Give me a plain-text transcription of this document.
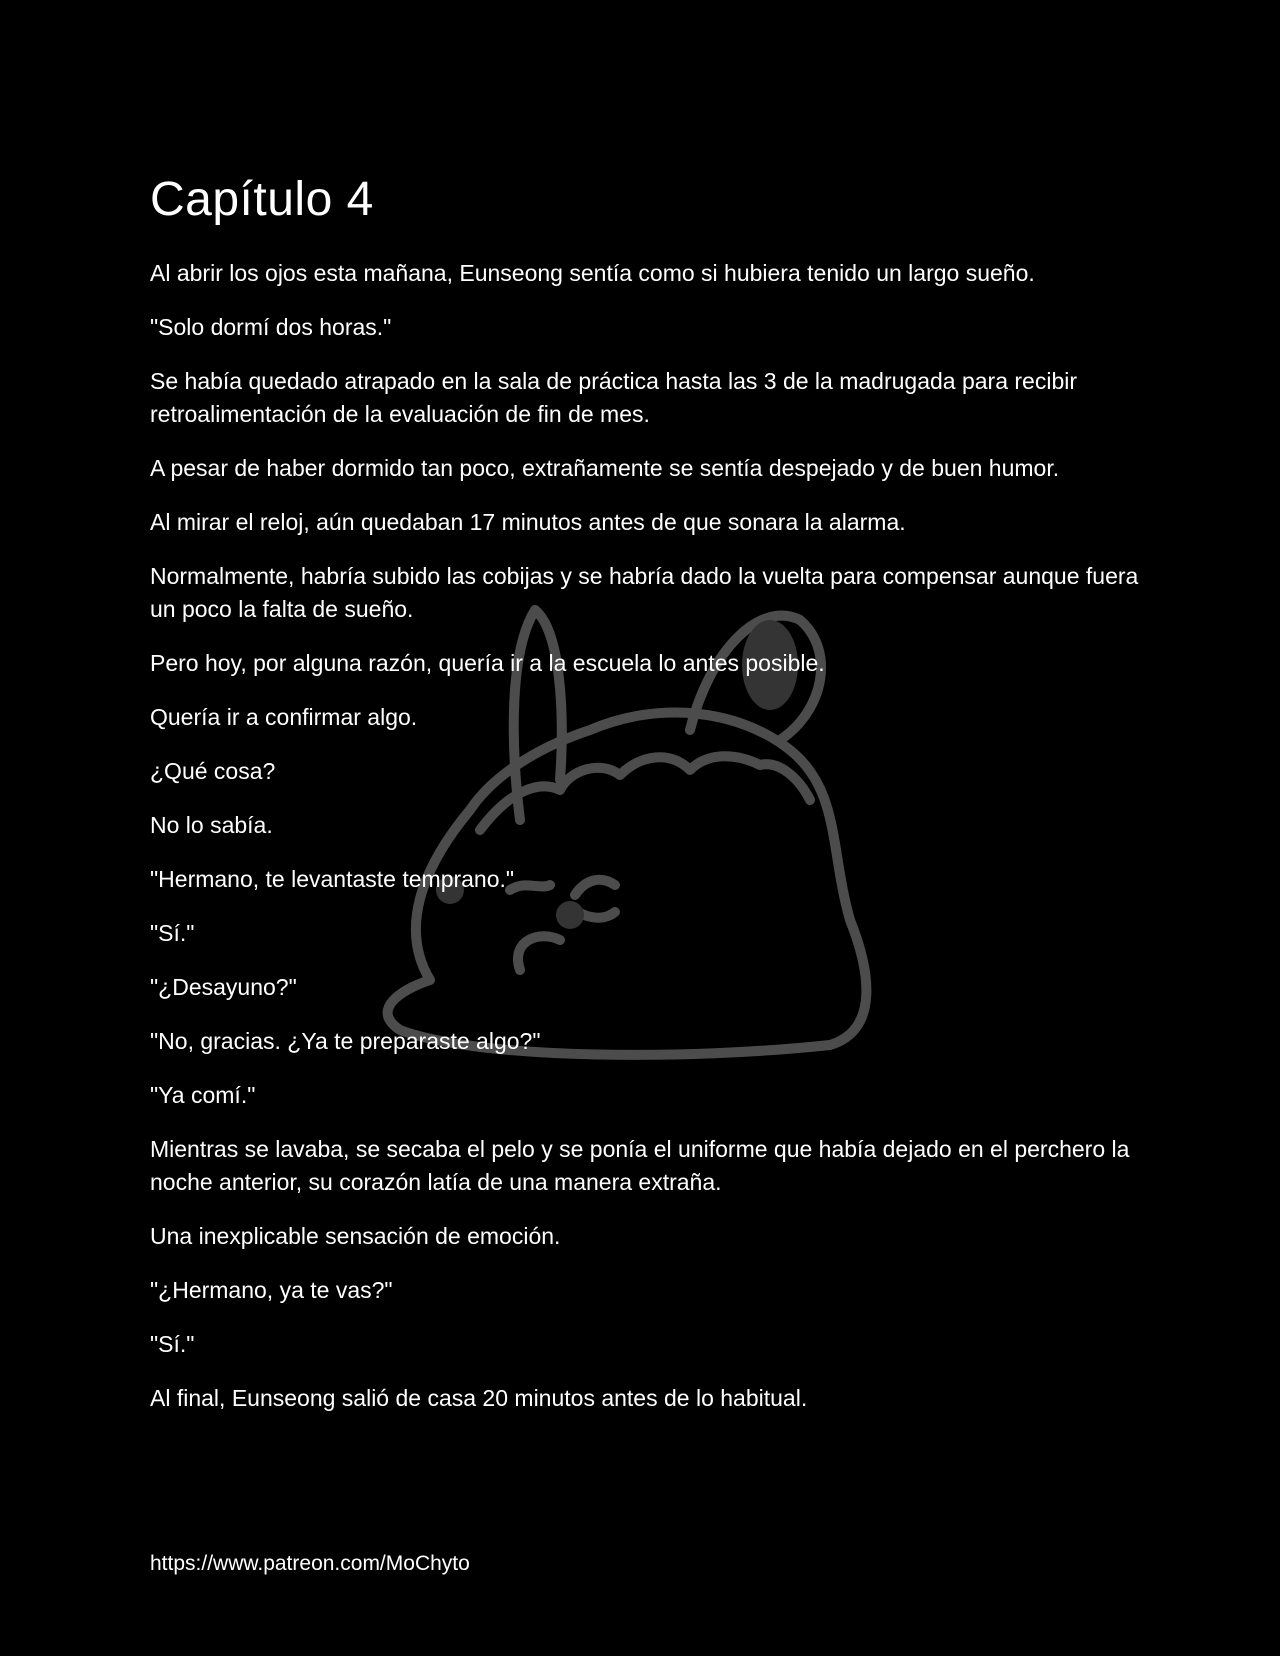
Capítulo 4

Al abrir los ojos esta mañana, Eunseong sentía como si hubiera tenido un largo sueño.

"Solo dormí dos horas."

Se había quedado atrapado en la sala de práctica hasta las 3 de la madrugada para recibir retroalimentación de la evaluación de fin de mes.

A pesar de haber dormido tan poco, extrañamente se sentía despejado y de buen humor.

Al mirar el reloj, aún quedaban 17 minutos antes de que sonara la alarma.

Normalmente, habría subido las cobijas y se habría dado la vuelta para compensar aunque fuera un poco la falta de sueño.

Pero hoy, por alguna razón, quería ir a la escuela lo antes posible.

Quería ir a confirmar algo.

¿Qué cosa?

No lo sabía.

"Hermano, te levantaste temprano."

"Sí."

"¿Desayuno?"

"No, gracias. ¿Ya te preparaste algo?"

"Ya comí."

Mientras se lavaba, se secaba el pelo y se ponía el uniforme que había dejado en el perchero la noche anterior, su corazón latía de una manera extraña.

Una inexplicable sensación de emoción.

"¿Hermano, ya te vas?"

"Sí."

Al final, Eunseong salió de casa 20 minutos antes de lo habitual.

https://www.patreon.com/MoChyto
